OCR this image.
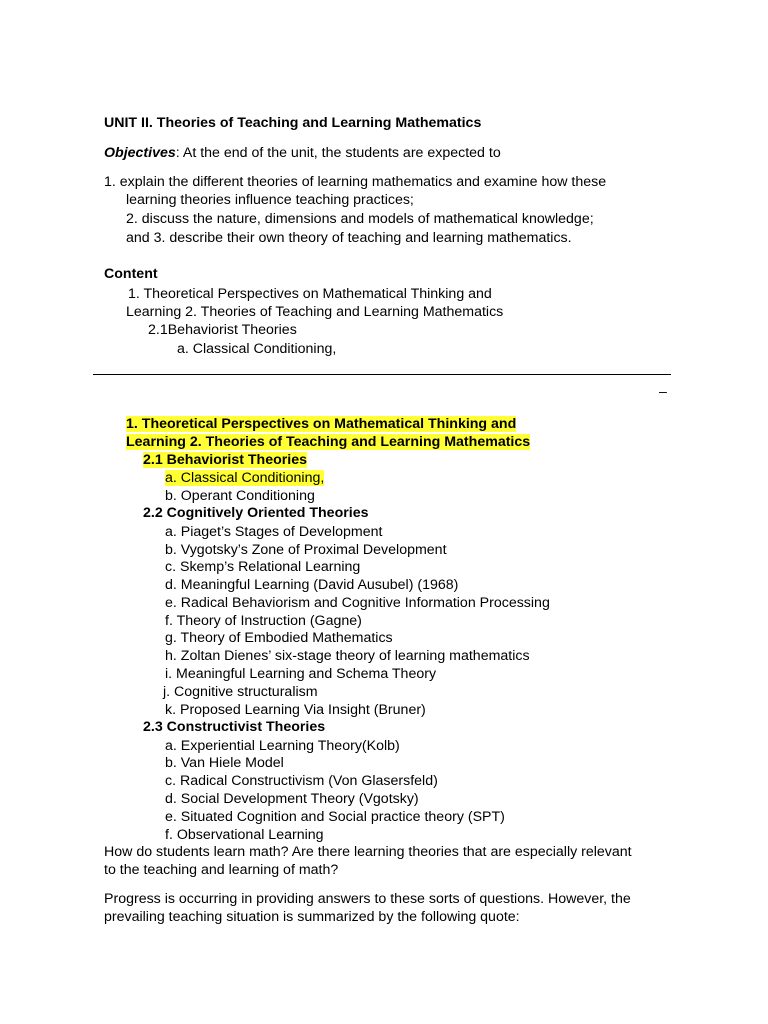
UNIT II. Theories of Teaching and Learning Mathematics
Objectives: At the end of the unit, the students are expected to
1. explain the different theories of learning mathematics and examine how these
learning theories influence teaching practices;
2. discuss the nature, dimensions and models of mathematical knowledge;
and 3. describe their own theory of teaching and learning mathematics.
Content
1. Theoretical Perspectives on Mathematical Thinking and
Learning 2. Theories of Teaching and Learning Mathematics
2.1Behaviorist Theories
a. Classical Conditioning,
–
1. Theoretical Perspectives on Mathematical Thinking and
Learning 2. Theories of Teaching and Learning Mathematics
2.1 Behaviorist Theories
a. Classical Conditioning,
b. Operant Conditioning
2.2 Cognitively Oriented Theories
a. Piaget’s Stages of Development
b. Vygotsky’s Zone of Proximal Development
c. Skemp’s Relational Learning
d. Meaningful Learning (David Ausubel) (1968)
e. Radical Behaviorism and Cognitive Information Processing
f. Theory of Instruction (Gagne)
g. Theory of Embodied Mathematics
h. Zoltan Dienes’ six-stage theory of learning mathematics
i. Meaningful Learning and Schema Theory
j. Cognitive structuralism
k. Proposed Learning Via Insight (Bruner)
2.3 Constructivist Theories
a. Experiential Learning Theory(Kolb)
b. Van Hiele Model
c. Radical Constructivism (Von Glasersfeld)
d. Social Development Theory (Vgotsky)
e. Situated Cognition and Social practice theory (SPT)
f. Observational Learning
How do students learn math? Are there learning theories that are especially relevant
to the teaching and learning of math?
Progress is occurring in providing answers to these sorts of questions. However, the
prevailing teaching situation is summarized by the following quote:
